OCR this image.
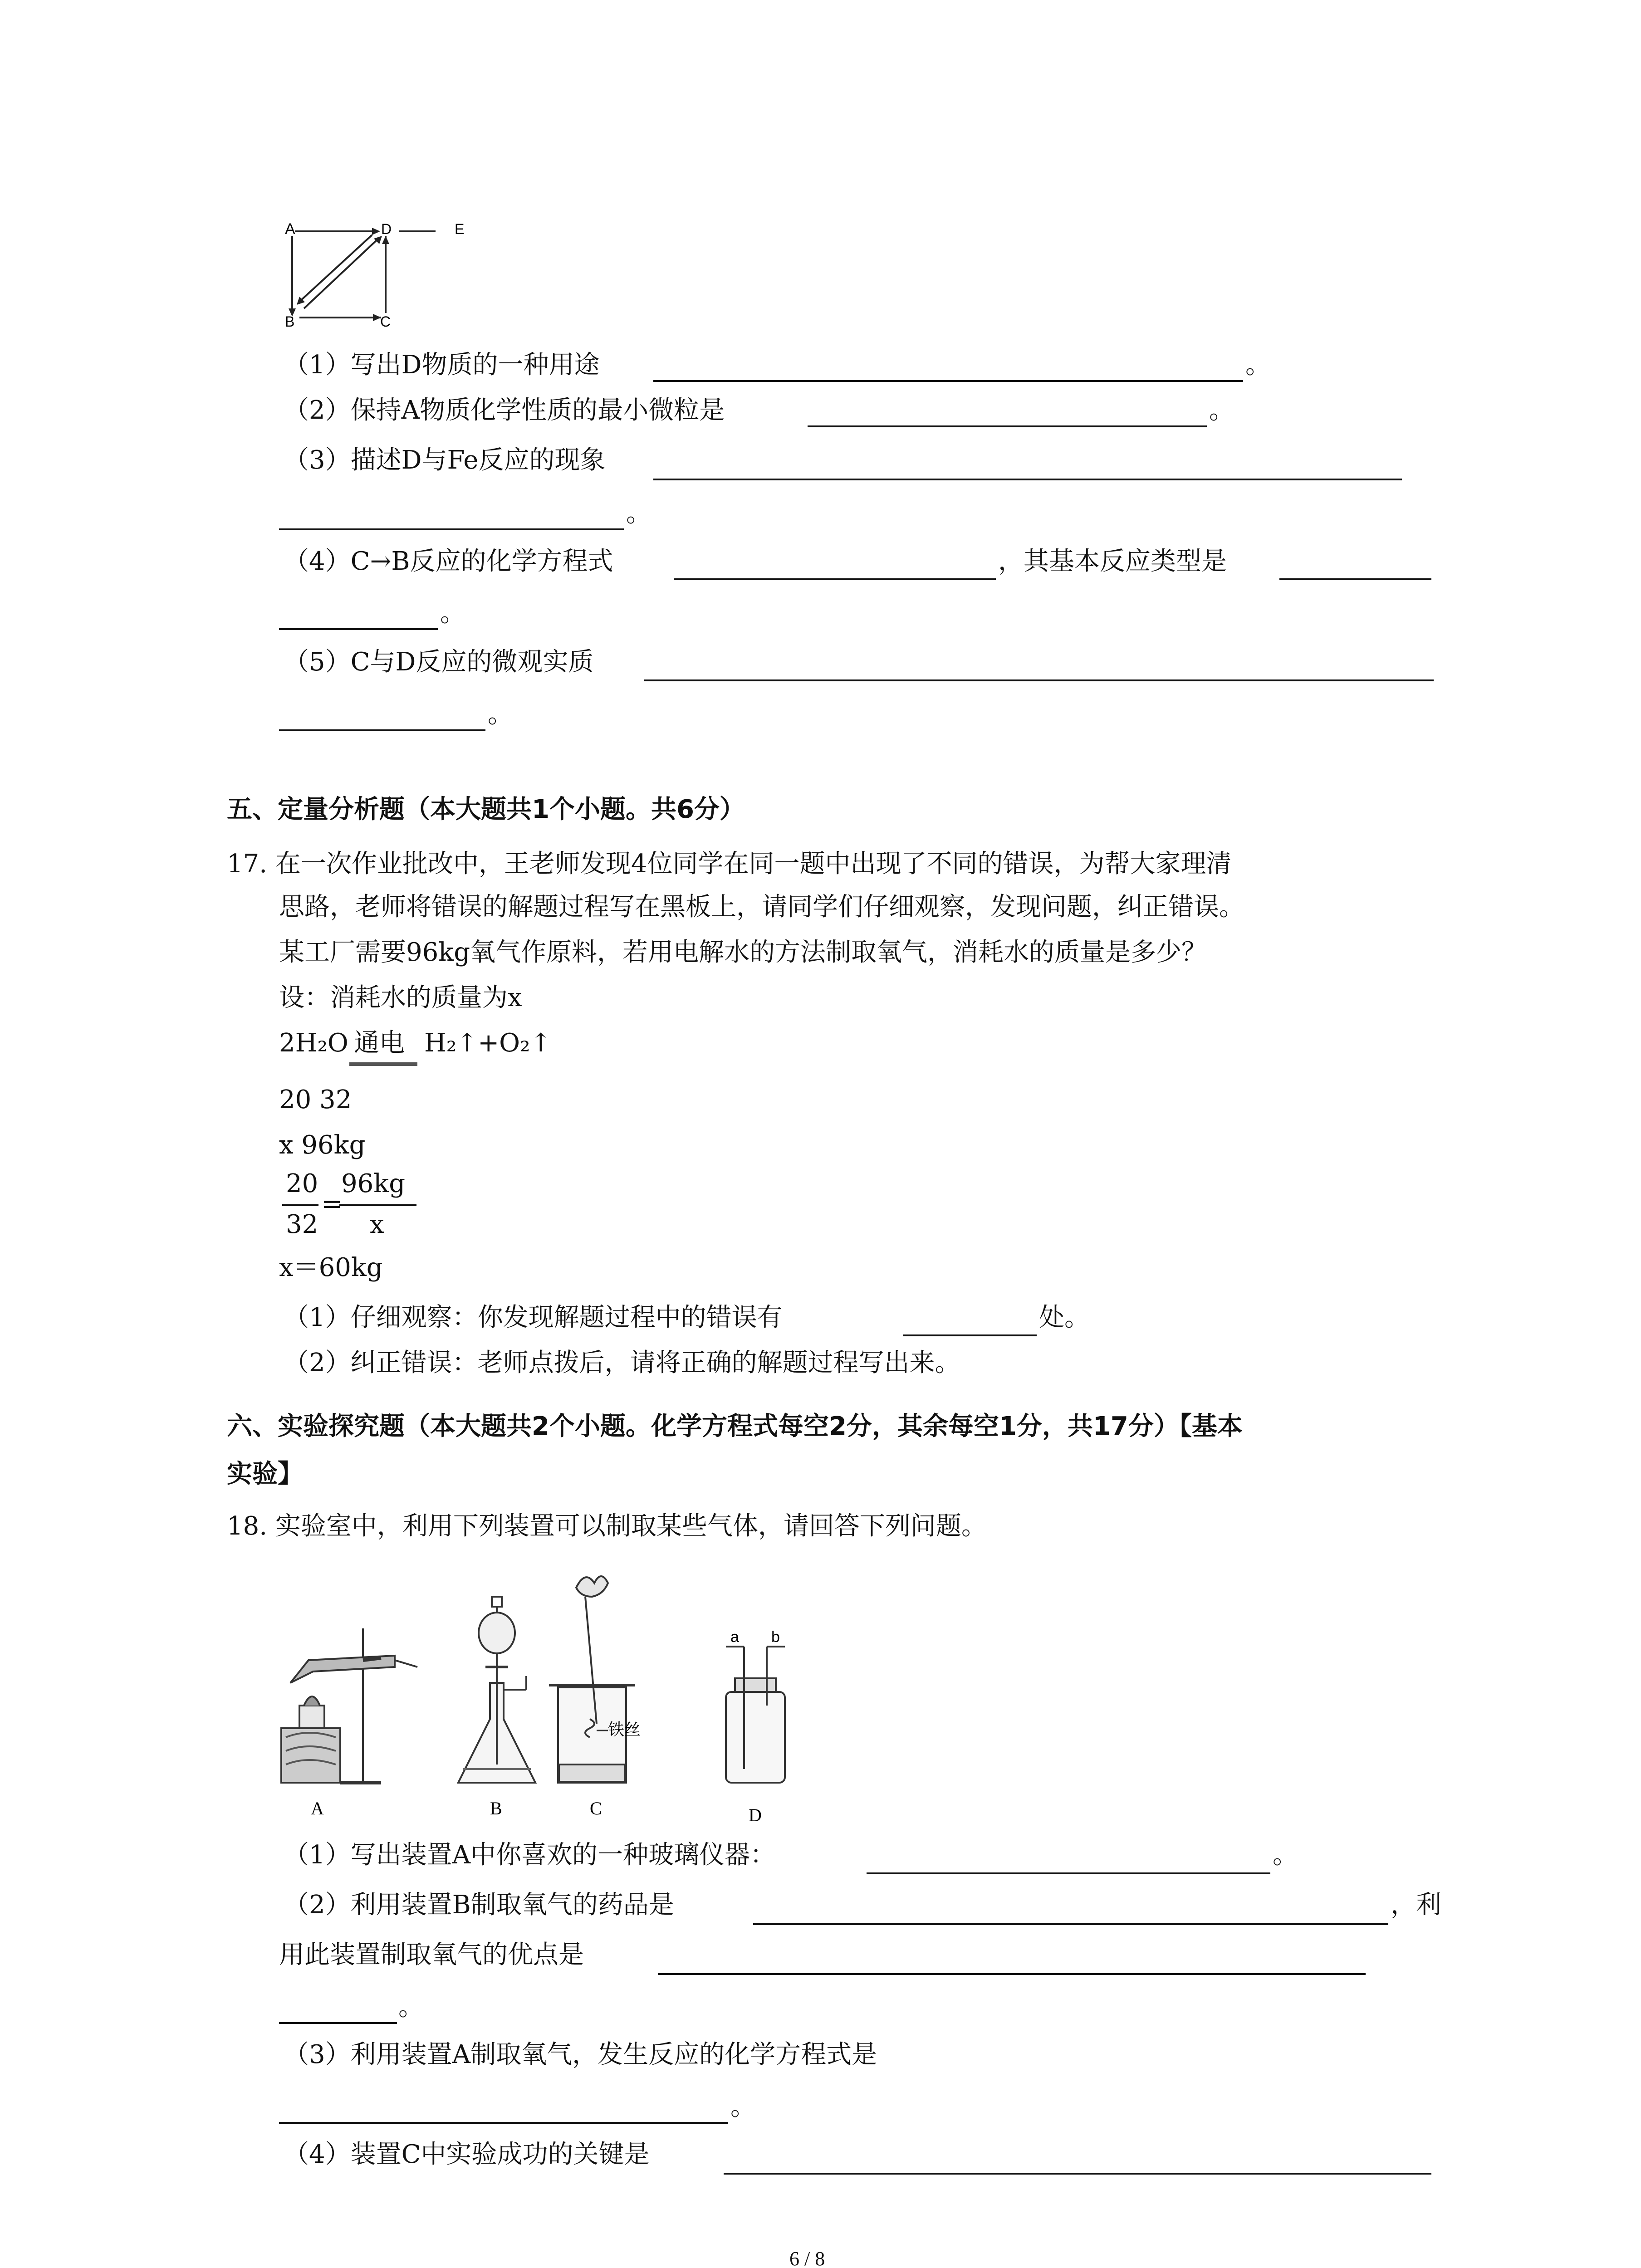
A	D	E
B	C
（1）写出D物质的一种用途	。
（2）保持A物质化学性质的最小微粒是	。
（3）描述D与Fe反应的现象
。
（4）C→B反应的化学方程式	，其基本反应类型是
。
（5）C与D反应的微观实质
。
五、定量分析题（本大题共1个小题。共6分）
17. 在一次作业批改中，王老师发现4位同学在同一题中出现了不同的错误，为帮大家理清
思路，老师将错误的解题过程写在黑板上，请同学们仔细观察，发现问题，纠正错误。
某工厂需要96kg氧气作原料，若用电解水的方法制取氧气，消耗水的质量是多少？
设：消耗水的质量为x
2H₂O 通电 H₂↑+O₂↑
20 32
x 96kg
20
32
=
96kg
x
x＝60kg
（1）仔细观察：你发现解题过程中的错误有	处。
（2）纠正错误：老师点拨后，请将正确的解题过程写出来。
六、实验探究题（本大题共2个小题。化学方程式每空2分，其余每空1分，共17分）【基本
实验】
18. 实验室中，利用下列装置可以制取某些气体，请回答下列问题。
A	B	C	D
铁丝
a b
（1）写出装置A中你喜欢的一种玻璃仪器：	。
（2）利用装置B制取氧气的药品是	，利
用此装置制取氧气的优点是
。
（3）利用装置A制取氧气，发生反应的化学方程式是
。
（4）装置C中实验成功的关键是
6 / 8
